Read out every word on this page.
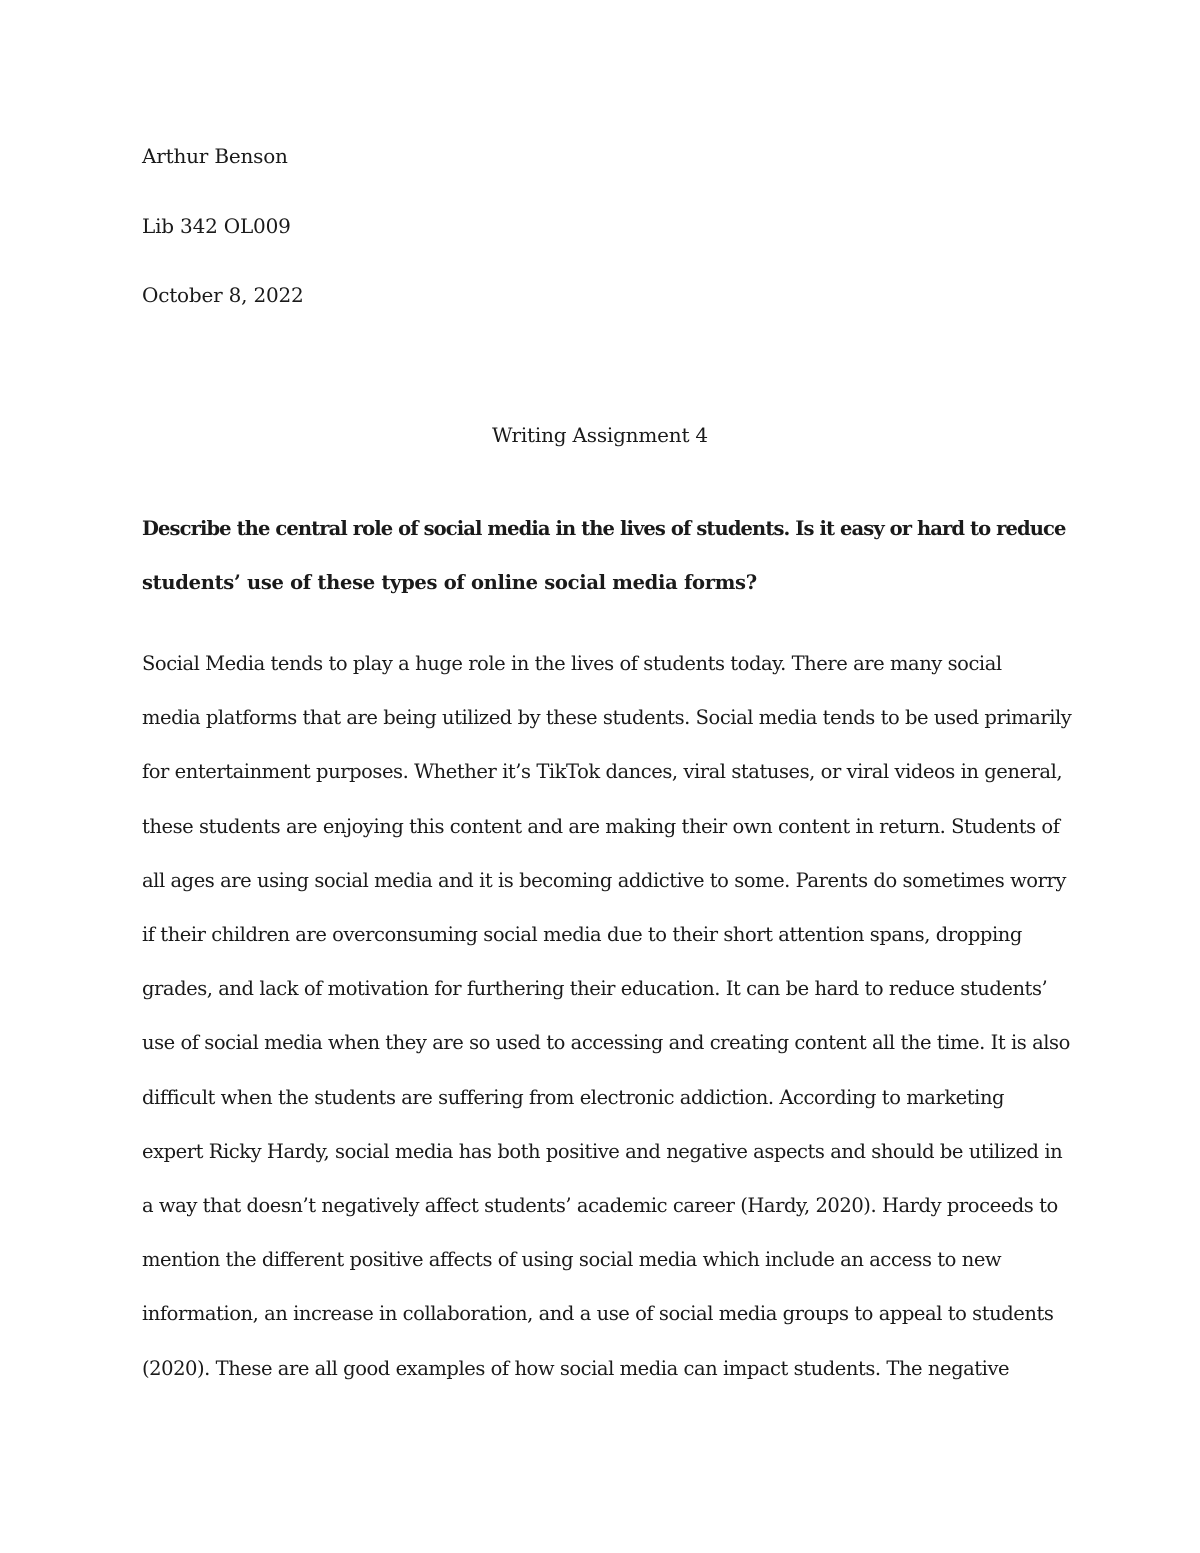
Arthur Benson
Lib 342 OL009
October 8, 2022
Writing Assignment 4
Describe the central role of social media in the lives of students. Is it easy or hard to reduce
students’ use of these types of online social media forms?
Social Media tends to play a huge role in the lives of students today. There are many social
media platforms that are being utilized by these students. Social media tends to be used primarily
for entertainment purposes. Whether it’s TikTok dances, viral statuses, or viral videos in general,
these students are enjoying this content and are making their own content in return. Students of
all ages are using social media and it is becoming addictive to some. Parents do sometimes worry
if their children are overconsuming social media due to their short attention spans, dropping
grades, and lack of motivation for furthering their education. It can be hard to reduce students’
use of social media when they are so used to accessing and creating content all the time. It is also
difficult when the students are suffering from electronic addiction. According to marketing
expert Ricky Hardy, social media has both positive and negative aspects and should be utilized in
a way that doesn’t negatively affect students’ academic career (Hardy, 2020). Hardy proceeds to
mention the different positive affects of using social media which include an access to new
information, an increase in collaboration, and a use of social media groups to appeal to students
(2020). These are all good examples of how social media can impact students. The negative
